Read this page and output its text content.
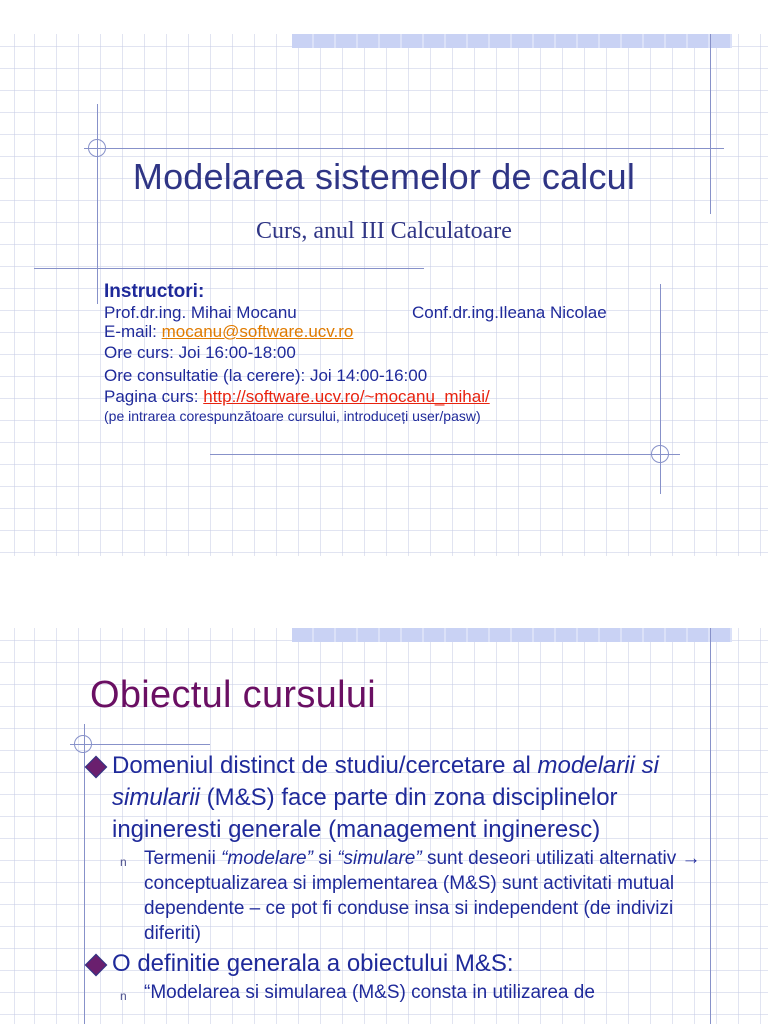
Modelarea sistemelor de calcul
Curs, anul III Calculatoare
Instructori:
Prof.dr.ing. Mihai Mocanu	Conf.dr.ing.Ileana Nicolae
E-mail: mocanu@software.ucv.ro
Ore curs: Joi 16:00-18:00
Ore consultatie (la cerere): Joi 14:00-16:00
Pagina curs: http://software.ucv.ro/~mocanu_mihai/
(pe intrarea corespunzătoare cursului, introduceți user/pasw)
Obiectul cursului
Domeniul distinct de studiu/cercetare al modelarii si simularii (M&S) face parte din zona disciplinelor ingineresti generale (management ingineresc)
n Termenii “modelare” si “simulare” sunt deseori utilizati alternativ → conceptualizarea si implementarea (M&S) sunt activitati mutual dependente – ce pot fi conduse insa si independent (de indivizi diferiti)
O definitie generala a obiectului M&S:
n “Modelarea si simularea (M&S) consta in utilizarea de
